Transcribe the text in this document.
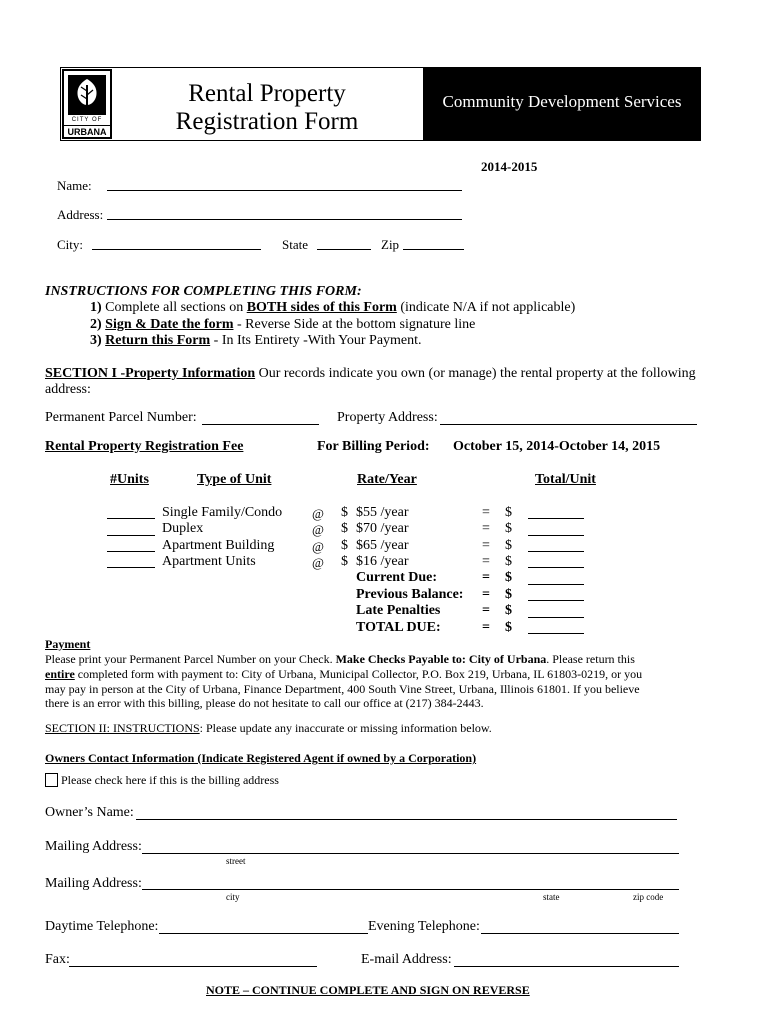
CITY OF
URBANA
Rental Property
Registration Form
Community Development Services
2014-2015
Name:
Address:
City:	State	Zip
INSTRUCTIONS FOR COMPLETING THIS FORM:
1) Complete all sections on BOTH sides of this Form (indicate N/A if not applicable)
2) Sign & Date the form - Reverse Side at the bottom signature line
3) Return this Form - In Its Entirety -With Your Payment.
SECTION I -Property Information Our records indicate you own (or manage) the rental property at the following
address:
Permanent Parcel Number:	Property Address:
Rental Property Registration Fee	For Billing Period: October 15, 2014-October 14, 2015
#Units	Type of Unit	Rate/Year	Total/Unit
Single Family/Condo @ $ $55 /year	= $
Duplex	@ $ $70 /year	= $
Apartment Building	@ $ $65 /year	= $
Apartment Units	@ $ $16 /year	= $
Current Due:	= $
Previous Balance: = $
Late Penalties	= $
TOTAL DUE:	= $
Payment
Please print your Permanent Parcel Number on your Check. Make Checks Payable to: City of Urbana. Please return this
entire completed form with payment to: City of Urbana, Municipal Collector, P.O. Box 219, Urbana, IL 61803-0219, or you
may pay in person at the City of Urbana, Finance Department, 400 South Vine Street, Urbana, Illinois 61801. If you believe
there is an error with this billing, please do not hesitate to call our office at (217) 384-2443.
SECTION II: INSTRUCTIONS: Please update any inaccurate or missing information below.
Owners Contact Information (Indicate Registered Agent if owned by a Corporation)
Please check here if this is the billing address
Owner’s Name:
Mailing Address:
street
Mailing Address:
city	state	zip code
Daytime Telephone:	Evening Telephone:
Fax:	E-mail Address:
NOTE – CONTINUE COMPLETE AND SIGN ON REVERSE
